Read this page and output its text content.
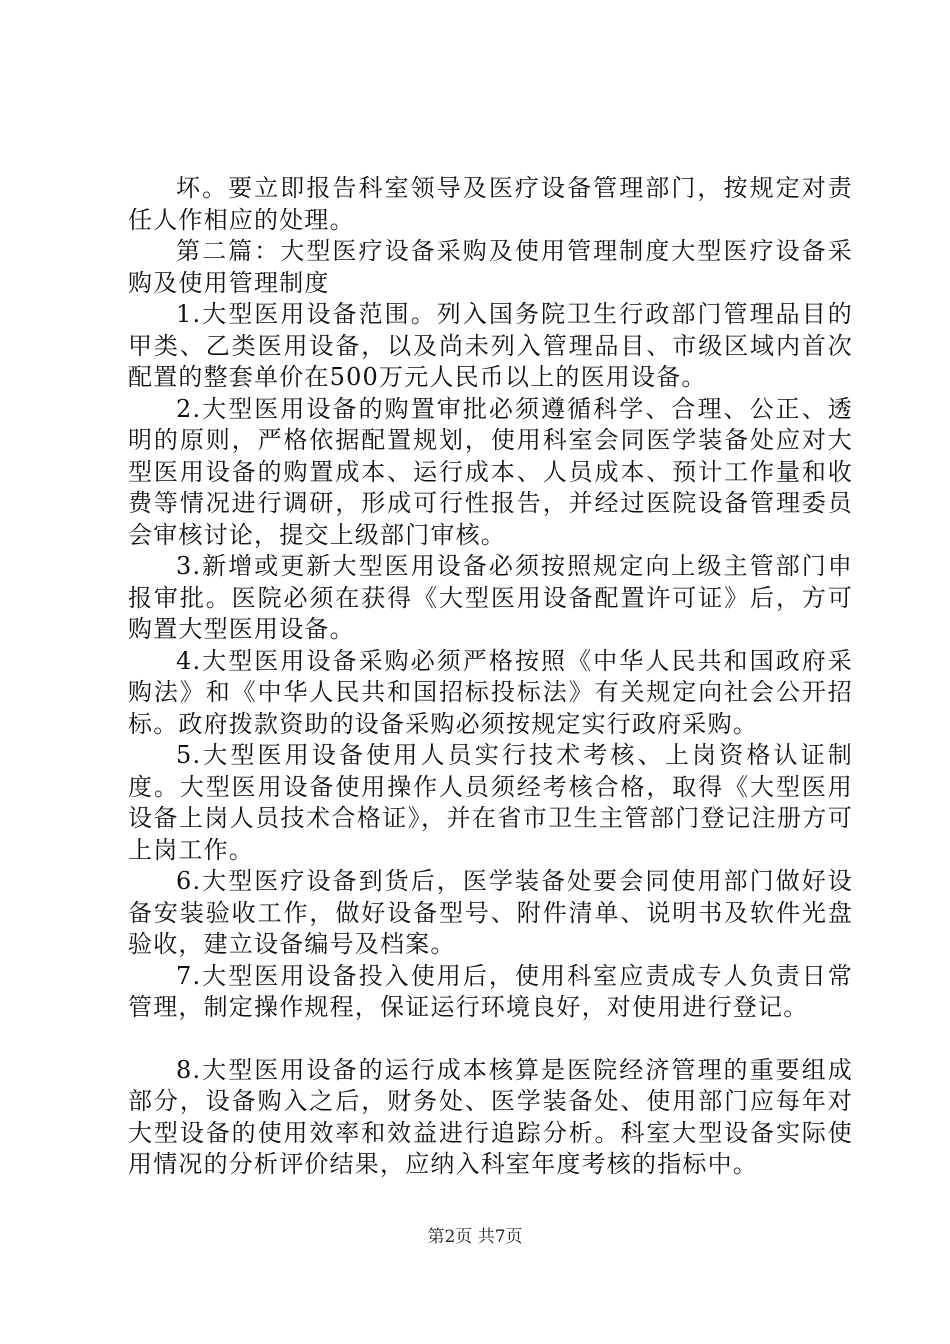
坏。要立即报告科室领导及医疗设备管理部门，按规定对责任人作相应的处理。

第二篇：大型医疗设备采购及使用管理制度大型医疗设备采购及使用管理制度

1.大型医用设备范围。列入国务院卫生行政部门管理品目的甲类、乙类医用设备，以及尚未列入管理品目、市级区域内首次配置的整套单价在500万元人民币以上的医用设备。

2.大型医用设备的购置审批必须遵循科学、合理、公正、透明的原则，严格依据配置规划，使用科室会同医学装备处应对大型医用设备的购置成本、运行成本、人员成本、预计工作量和收费等情况进行调研，形成可行性报告，并经过医院设备管理委员会审核讨论，提交上级部门审核。

3.新增或更新大型医用设备必须按照规定向上级主管部门申报审批。医院必须在获得《大型医用设备配置许可证》后，方可购置大型医用设备。

4.大型医用设备采购必须严格按照《中华人民共和国政府采购法》和《中华人民共和国招标投标法》有关规定向社会公开招标。政府拨款资助的设备采购必须按规定实行政府采购。

5.大型医用设备使用人员实行技术考核、上岗资格认证制度。大型医用设备使用操作人员须经考核合格，取得《大型医用设备上岗人员技术合格证》，并在省市卫生主管部门登记注册方可上岗工作。

6.大型医疗设备到货后，医学装备处要会同使用部门做好设备安装验收工作，做好设备型号、附件清单、说明书及软件光盘验收，建立设备编号及档案。

7.大型医用设备投入使用后，使用科室应责成专人负责日常管理，制定操作规程，保证运行环境良好，对使用进行登记。

8.大型医用设备的运行成本核算是医院经济管理的重要组成部分，设备购入之后，财务处、医学装备处、使用部门应每年对大型设备的使用效率和效益进行追踪分析。科室大型设备实际使用情况的分析评价结果，应纳入科室年度考核的指标中。

第2页 共7页
